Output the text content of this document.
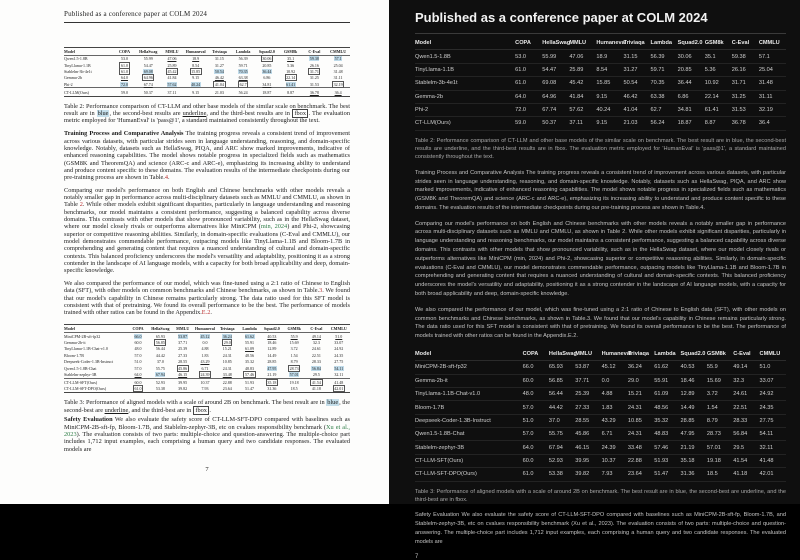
Published as a conference paper at COLM 2024
Model	COPA	HellaSwag	MMLU	Humaneval	Triviaqa	Lambda	Squad2.0	GSM8k	C-Eval	CMMLU
Qwen1.5-1.8B	53.0	55.99	47.06	18.9	31.15	56.39	30.06	35.1	59.38	57.1
TinyLlama-1.1B	61.0	54.47	25.89	8.54	31.27	59.71	20.85	5.36	26.16	25.04
Stablelm-3b-4e1t	61.0	69.08	45.42	15.85	50.54	70.35	36.44	10.92	31.71	31.48
Gemma-2b	64.0	64.96	41.84	9.15	46.42	63.38	6.86	22.14	31.25	31.11
Phi-2	72.0	67.74	57.62	40.24	41.04	62.7	34.81	61.41	31.53	32.19
CT-LLM(Ours)	59.0	50.37	37.11	9.15	21.03	56.24	18.87	8.87	36.78	36.4
Table 2: Performance comparison of CT-LLM and other base models of the similar scale on benchmark. The best result are in blue, the second-best results are underline, and the third-best results are in fbox . The evaluation metric employed for 'HumanEval' is 'pass@1', a standard maintained consistently throughout the text.
Training Process and Comparative Analysis The training progress reveals a consistent trend of improvement across various datasets, with particular strides seen in language understanding, reasoning, and domain-specific knowledge. Notably, datasets such as HellaSwag, PIQA, and ARC show marked improvements, indicative of enhanced reasoning capabilities. The model shows notable progress in specialized fields such as mathematics (GSM8K and TheoremQA) and science (ARC-c and ARC-e), emphasizing its increasing ability to understand and produce content specific to these domains. The evaluation results of the intermediate checkpoints during our pre-training process are shown in Table.4.
Comparing our model's performance on both English and Chinese benchmarks with other models reveals a notably smaller gap in performance across multi-disciplinary datasets such as MMLU and CMMLU, as shown in Table 2. While other models exhibit significant disparities, particularly in language understanding and reasoning benchmarks, our model maintains a consistent performance, suggesting a balanced capability across diverse domains. This contrasts with other models that show pronounced variability, such as in the HellaSwag dataset, where our model closely rivals or outperforms alternatives like MiniCPM (min, 2024) and Phi-2, showcasing superior or competitive reasoning abilities. Similarly, in domain-specific evaluations (C-Eval and CMMLU), our model demonstrates commendable performance, outpacing models like TinyLlama-1.1B and Bloom-1.7B in comprehending and generating content that requires a nuanced understanding of cultural and domain-specific contexts. This balanced proficiency underscores the model's versatility and adaptability, positioning it as a strong contender in the landscape of AI language models, with a capacity for both broad applicability and deep, domain-specific knowledge.
We also compared the performance of our model, which was fine-tuned using a 2:1 ratio of Chinese to English data (SFT), with other models on common benchmarks and Chinese benchmarks, as shown in Table.3. We found that our model's capability in Chinese remains particularly strong. The data ratio used for this SFT model is consistent with that of pretraining. We found its overall performance to be the best. The performance of models trained with other ratios can be found in the Appendix.E.2.
Model	COPA	HellaSwag	MMLU	Humaneval	Triviaqa	Lambda	Squad2.0	GSM8k	C-Eval	CMMLU
MiniCPM-2B-sft-fp32	66.0	65.93	53.87	45.12	36.24	61.62	40.53	55.9	49.14	51.0
Gemma-2b-it	60.0	56.85	37.71	0.0	29.0	55.91	18.46	15.69	32.3	33.07
TinyLlama-1.1B-Chat-v1.0	48.0	56.44	25.39	4.88	15.21	61.09	12.89	3.72	24.61	24.92
Bloom-1.7B	57.0	44.42	27.33	1.83	24.31	48.56	14.49	1.54	22.51	24.35
Deepseek-Coder-1.3B-Instruct	51.0	37.0	28.55	43.29	10.85	35.32	28.85	8.79	28.33	27.75
Qwen1.5-1.8B-Chat	57.0	55.75	45.86	6.71	24.31	48.83	47.95	28.73	56.84	54.11
Stablelm-zephyr-3B	64.0	67.94	46.15	24.39	33.48	57.46	21.19	57.01	29.5	32.11
CT-LLM-SFT(Ours)	60.0	52.93	39.95	10.37	22.88	51.93	35.18	19.18	41.54	41.48
CT-LLM-SFT-DPO(Ours)	61.0	53.38	39.82	7.93	23.64	51.47	31.36	18.5	41.18	42.01
Table 3: Performance of aligned models with a scale of around 2B on benchmark. The best result are in blue, the second-best are underline, and the third-best are in fbox .
Safety Evaluation We also evaluate the safety score of CT-LLM-SFT-DPO compared with baselines such as MiniCPM-2B-sft-fp, Bloom-1.7B, and Stablelm-zephyr-3B, etc on cvalues responsibility benchmark (Xu et al., 2023). The evaluation consists of two parts: multiple-choice and question-answering. The multiple-choice part includes 1,712 input examples, each comprising a human query and two candidate responses. The evaluated models are
7
Published as a conference paper at COLM 2024
Model	COPA	HellaSwag	MMLU	Humaneval	Triviaqa	Lambda	Squad2.0	GSM8k	C-Eval	CMMLU
Qwen1.5-1.8B	53.0	55.99	47.06	18.9	31.15	56.39	30.06	35.1	59.38	57.1
TinyLlama-1.1B	61.0	54.47	25.89	8.54	31.27	59.71	20.85	5.36	26.16	25.04
Stablelm-3b-4e1t	61.0	69.08	45.42	15.85	50.54	70.35	36.44	10.92	31.71	31.48
Gemma-2b	64.0	64.96	41.84	9.15	46.42	63.38	6.86	22.14	31.25	31.11
Phi-2	72.0	67.74	57.62	40.24	41.04	62.7	34.81	61.41	31.53	32.19
CT-LLM(Ours)	59.0	50.37	37.11	9.15	21.03	56.24	18.87	8.87	36.78	36.4
Table 2: Performance comparison of CT-LLM and other base models of the similar scale on benchmark. The best result are in blue, the second-best results are underline, and the third-best results are in fbox. The evaluation metric employed for 'HumanEval' is 'pass@1', a standard maintained consistently throughout the text.
Training Process and Comparative Analysis The training progress reveals a consistent trend of improvement across various datasets, with particular strides seen in language understanding, reasoning, and domain-specific knowledge. Notably, datasets such as HellaSwag, PIQA, and ARC show marked improvements, indicative of enhanced reasoning capabilities. The model shows notable progress in specialized fields such as mathematics (GSM8K and TheoremQA) and science (ARC-c and ARC-e), emphasizing its increasing ability to understand and produce content specific to these domains. The evaluation results of the intermediate checkpoints during our pre-training process are shown in Table.4.
Comparing our model's performance on both English and Chinese benchmarks with other models reveals a notably smaller gap in performance across multi-disciplinary datasets such as MMLU and CMMLU, as shown in Table 2. While other models exhibit significant disparities, particularly in language understanding and reasoning benchmarks, our model maintains a consistent performance, suggesting a balanced capability across diverse domains. This contrasts with other models that show pronounced variability, such as in the HellaSwag dataset, where our model closely rivals or outperforms alternatives like MiniCPM (min, 2024) and Phi-2, showcasing superior or competitive reasoning abilities. Similarly, in domain-specific evaluations (C-Eval and CMMLU), our model demonstrates commendable performance, outpacing models like TinyLlama-1.1B and Bloom-1.7B in comprehending and generating content that requires a nuanced understanding of cultural and domain-specific contexts. This balanced proficiency underscores the model's versatility and adaptability, positioning it as a strong contender in the landscape of AI language models, with a capacity for both broad applicability and deep, domain-specific knowledge.
We also compared the performance of our model, which was fine-tuned using a 2:1 ratio of Chinese to English data (SFT), with other models on common benchmarks and Chinese benchmarks, as shown in Table.3. We found that our model's capability in Chinese remains particularly strong. The data ratio used for this SFT model is consistent with that of pretraining. We found its overall performance to be the best. The performance of models trained with other ratios can be found in the Appendix.E.2.
Model	COPA	HellaSwag	MMLU	Humaneval	Triviaqa	Lambda	Squad2.0	GSM8k	C-Eval	CMMLU
MiniCPM-2B-sft-fp32	66.0	65.93	53.87	45.12	36.24	61.62	40.53	55.9	49.14	51.0
Gemma-2b-it	60.0	56.85	37.71	0.0	29.0	55.91	18.46	15.69	32.3	33.07
TinyLlama-1.1B-Chat-v1.0	48.0	56.44	25.39	4.88	15.21	61.09	12.89	3.72	24.61	24.92
Bloom-1.7B	57.0	44.42	27.33	1.83	24.31	48.56	14.49	1.54	22.51	24.35
Deepseek-Coder-1.3B-Instruct	51.0	37.0	28.55	43.29	10.85	35.32	28.85	8.79	28.33	27.75
Qwen1.5-1.8B-Chat	57.0	55.75	45.86	6.71	24.31	48.83	47.95	28.73	56.84	54.11
Stablelm-zephyr-3B	64.0	67.94	46.15	24.39	33.48	57.46	21.19	57.01	29.5	32.11
CT-LLM-SFT(Ours)	60.0	52.93	39.95	10.37	22.88	51.93	35.18	19.18	41.54	41.48
CT-LLM-SFT-DPO(Ours)	61.0	53.38	39.82	7.93	23.64	51.47	31.36	18.5	41.18	42.01
Table 3: Performance of aligned models with a scale of around 2B on benchmark. The best result are in blue, the second-best are underline, and the third-best are in fbox.
Safety Evaluation We also evaluate the safety score of CT-LLM-SFT-DPO compared with baselines such as MiniCPM-2B-sft-fp, Bloom-1.7B, and Stablelm-zephyr-3B, etc on cvalues responsibility benchmark (Xu et al., 2023). The evaluation consists of two parts: multiple-choice and question-answering. The multiple-choice part includes 1,712 input examples, each comprising a human query and two candidate responses. The evaluated models are
7
